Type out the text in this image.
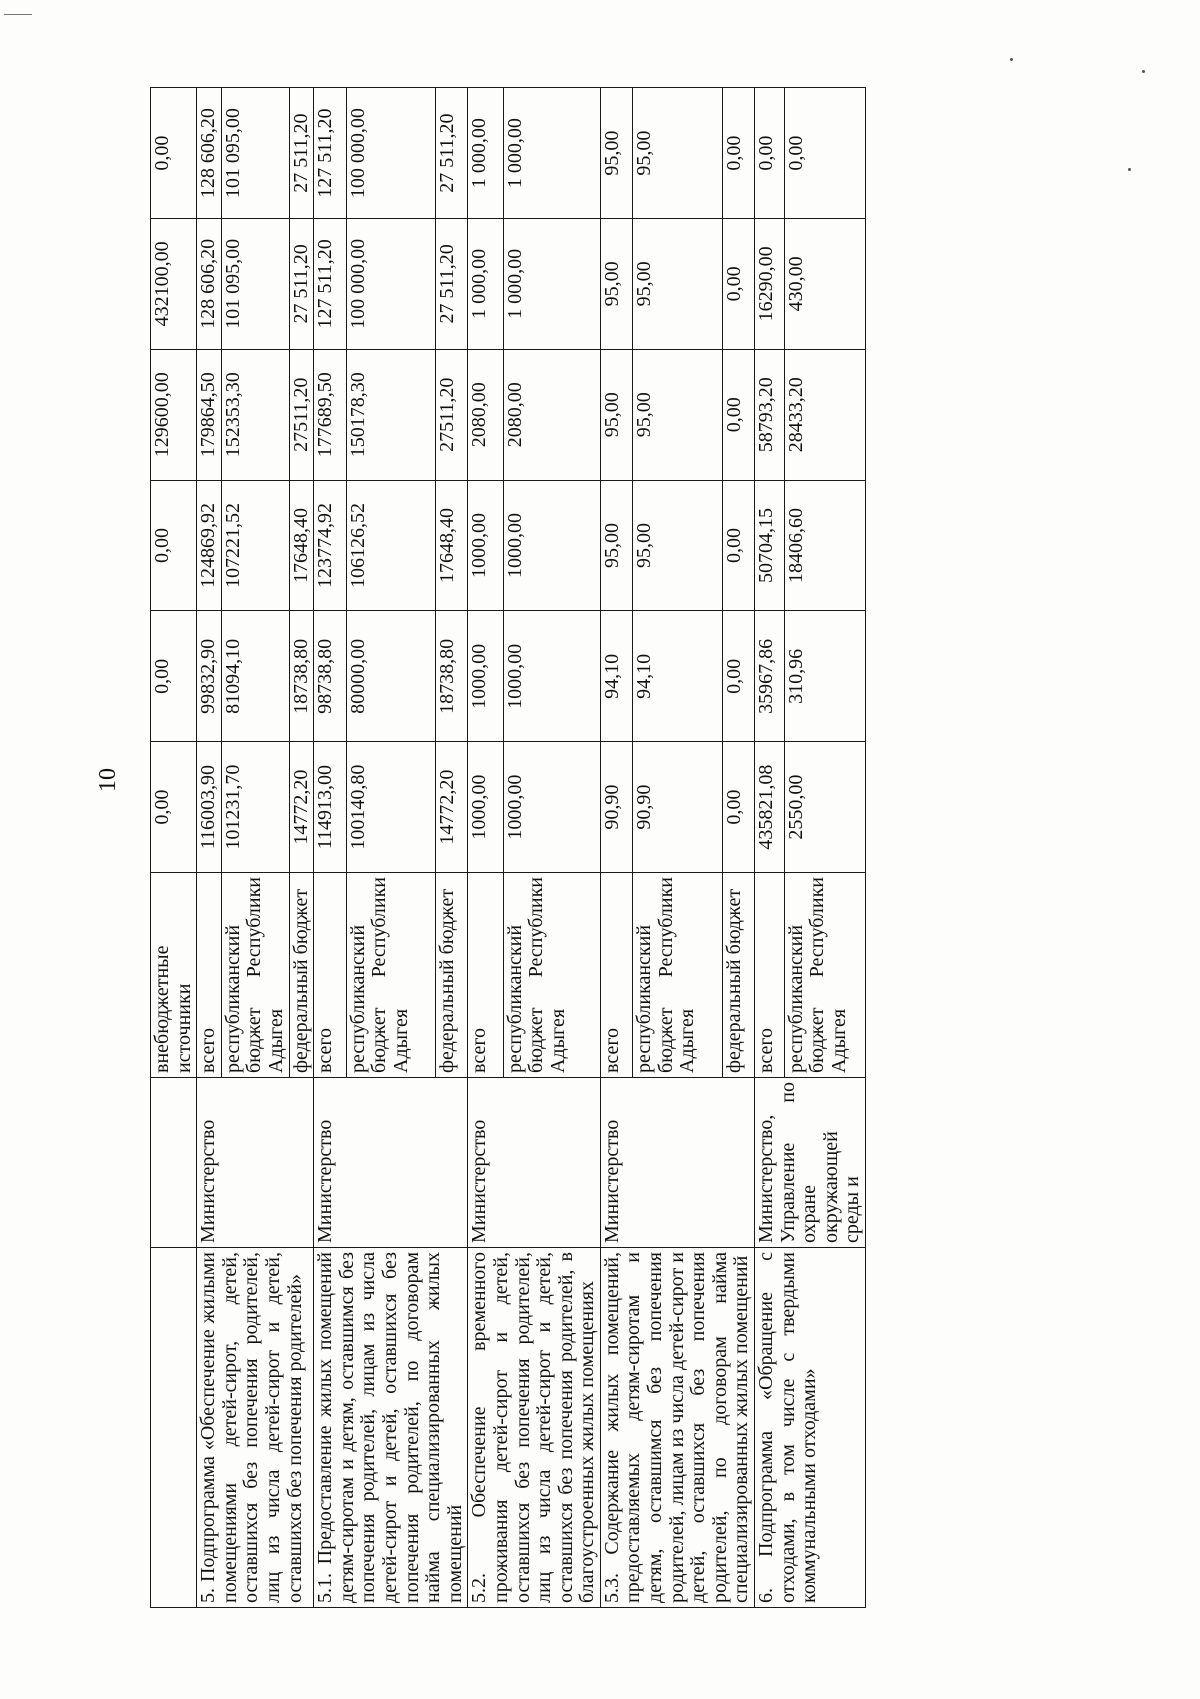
10
		внебюджетные источники	0,00	0,00	0,00	129600,00	432100,00	0,00
5. Подпрограмма «Обеспечение жилыми помещениями детей-сирот, детей, оставшихся без попечения родителей, лиц из числа детей-сирот и детей, оставшихся без попечения родителей»	Министерство	всего	116003,90	99832,90	124869,92	179864,50	128 606,20	128 606,20
		республиканский бюджет Республики Адыгея	101231,70	81094,10	107221,52	152353,30	101 095,00	101 095,00
		федеральный бюджет	14772,20	18738,80	17648,40	27511,20	27 511,20	27 511,20
5.1. Предоставление жилых помещений детям-сиротам и детям, оставшимся без попечения родителей, лицам из числа детей-сирот и детей, оставшихся без попечения родителей, по договорам найма специализированных жилых помещений	Министерство	всего	114913,00	98738,80	123774,92	177689,50	127 511,20	127 511,20
		республиканский бюджет Республики Адыгея	100140,80	80000,00	106126,52	150178,30	100 000,00	100 000,00
		федеральный бюджет	14772,20	18738,80	17648,40	27511,20	27 511,20	27 511,20
5.2. Обеспечение временного проживания детей-сирот и детей, оставшихся без попечения родителей, лиц из числа детей-сирот и детей, оставшихся без попечения родителей, в благоустроенных жилых помещениях	Министерство	всего	1000,00	1000,00	1000,00	2080,00	1 000,00	1 000,00
		республиканский бюджет Республики Адыгея	1000,00	1000,00	1000,00	2080,00	1 000,00	1 000,00
5.3. Содержание жилых помещений, предоставляемых детям-сиротам и детям, оставшимся без попечения родителей, лицам из числа детей-сирот и детей, оставшихся без попечения родителей, по договорам найма специализированных жилых помещений	Министерство	всего	90,90	94,10	95,00	95,00	95,00	95,00
		республиканский бюджет Республики Адыгея	90,90	94,10	95,00	95,00	95,00	95,00
		федеральный бюджет	0,00	0,00	0,00	0,00	0,00	0,00
6. Подпрограмма «Обращение с отходами, в том числе с твердыми коммунальными отходами»	Министерство, Управление по охране окружающей среды и	всего	435821,08	35967,86	50704,15	58793,20	16290,00	0,00
		республиканский бюджет Республики Адыгея	2550,00	310,96	18406,60	28433,20	430,00	0,00
